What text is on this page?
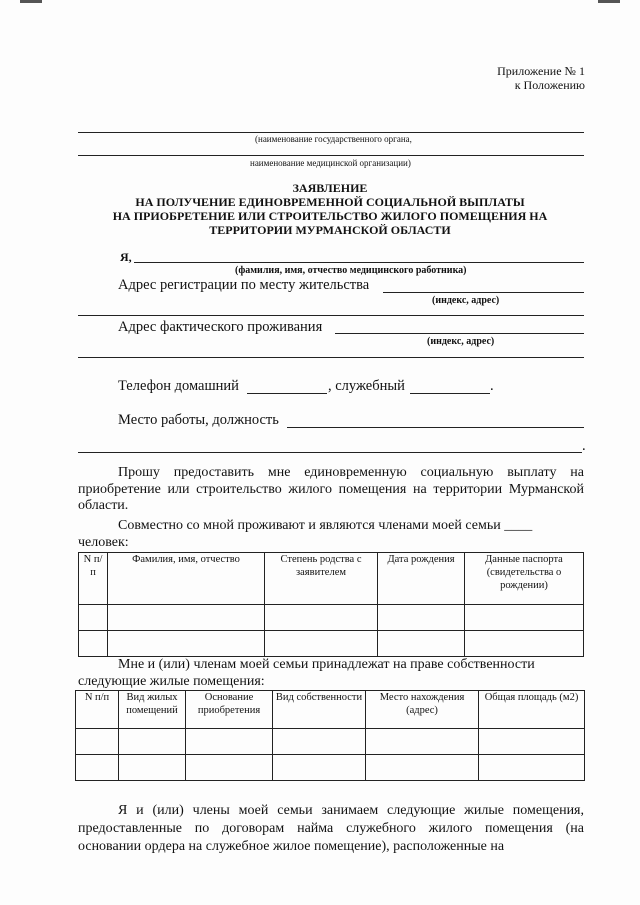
Приложение № 1
к Положению
(наименование государственного органа,
наименование медицинской организации)
ЗАЯВЛЕНИЕ
НА ПОЛУЧЕНИЕ ЕДИНОВРЕМЕННОЙ СОЦИАЛЬНОЙ ВЫПЛАТЫ
НА ПРИОБРЕТЕНИЕ ИЛИ СТРОИТЕЛЬСТВО ЖИЛОГО ПОМЕЩЕНИЯ НА
ТЕРРИТОРИИ МУРМАНСКОЙ ОБЛАСТИ
Я,
(фамилия, имя, отчество медицинского работника)
Адрес регистрации по месту жительства
(индекс, адрес)
Адрес фактического проживания
(индекс, адрес)
Телефон домашний	, служебный	.
Место работы, должность
.
Прошу предоставить мне единовременную социальную выплату на приобретение или строительство жилого помещения на территории Мурманской области.
Совместно со мной проживают и являются членами моей семьи ____
человек:
N п/п	Фамилия, имя, отчество	Степень родства с заявителем	Дата рождения	Данные паспорта (свидетельства о рождении)

Мне и (или) членам моей семьи принадлежат на праве собственности
следующие жилые помещения:
N п/п	Вид жилых помещений	Основание приобретения	Вид собственности	Место нахождения (адрес)	Общая площадь (м2)

Я и (или) члены моей семьи занимаем следующие жилые помещения, предоставленные по договорам найма служебного жилого помещения (на основании ордера на служебное жилое помещение), расположенные на
